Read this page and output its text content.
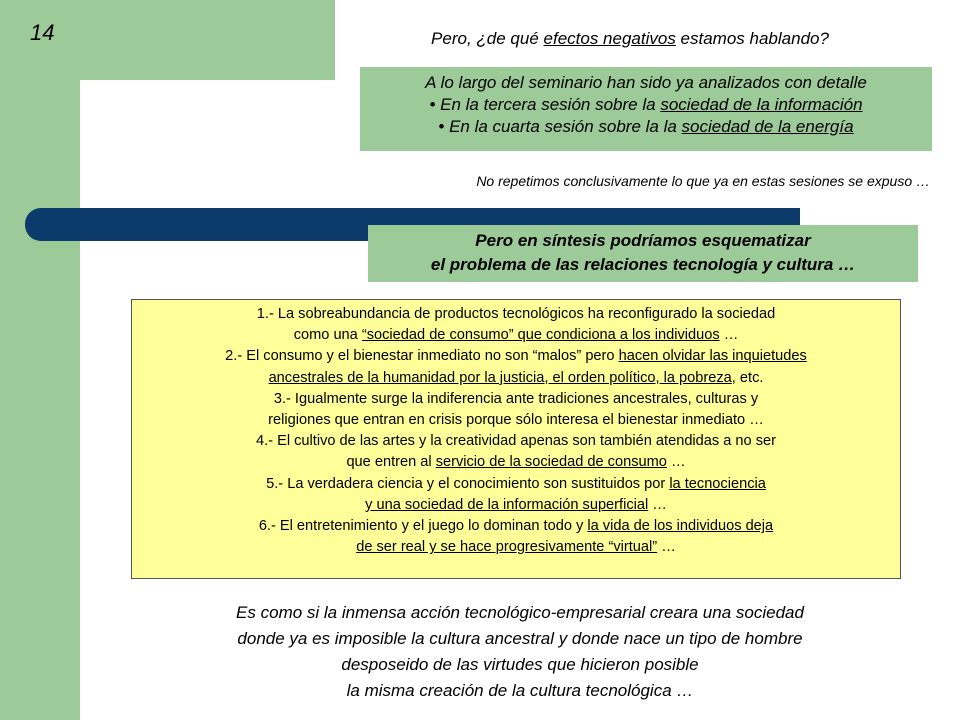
14	Pero, ¿de qué efectos negativos estamos hablando?
A lo largo del seminario han sido ya analizados con detalle
• En la tercera sesión sobre la sociedad de la información
• En la cuarta sesión sobre la la sociedad de la energía
No repetimos conclusivamente lo que ya en estas sesiones se expuso …
Pero en síntesis podríamos esquematizar
el problema de las relaciones tecnología y cultura …
1.- La sobreabundancia de productos tecnológicos ha reconfigurado la sociedad
como una “sociedad de consumo” que condiciona a los individuos …
2.- El consumo y el bienestar inmediato no son “malos” pero hacen olvidar las inquietudes
ancestrales de la humanidad por la justicia, el orden político, la pobreza, etc.
3.- Igualmente surge la indiferencia ante tradiciones ancestrales, culturas y
religiones que entran en crisis porque sólo interesa el bienestar inmediato …
4.- El cultivo de las artes y la creatividad apenas son también atendidas a no ser
que entren al servicio de la sociedad de consumo …
5.- La verdadera ciencia y el conocimiento son sustituidos por la tecnociencia
y una sociedad de la información superficial …
6.- El entretenimiento y el juego lo dominan todo y la vida de los individuos deja
de ser real y se hace progresivamente “virtual” …
Es como si la inmensa acción tecnológico-empresarial creara una sociedad
donde ya es imposible la cultura ancestral y donde nace un tipo de hombre
desposeido de las virtudes que hicieron posible
la misma creación de la cultura tecnológica …
